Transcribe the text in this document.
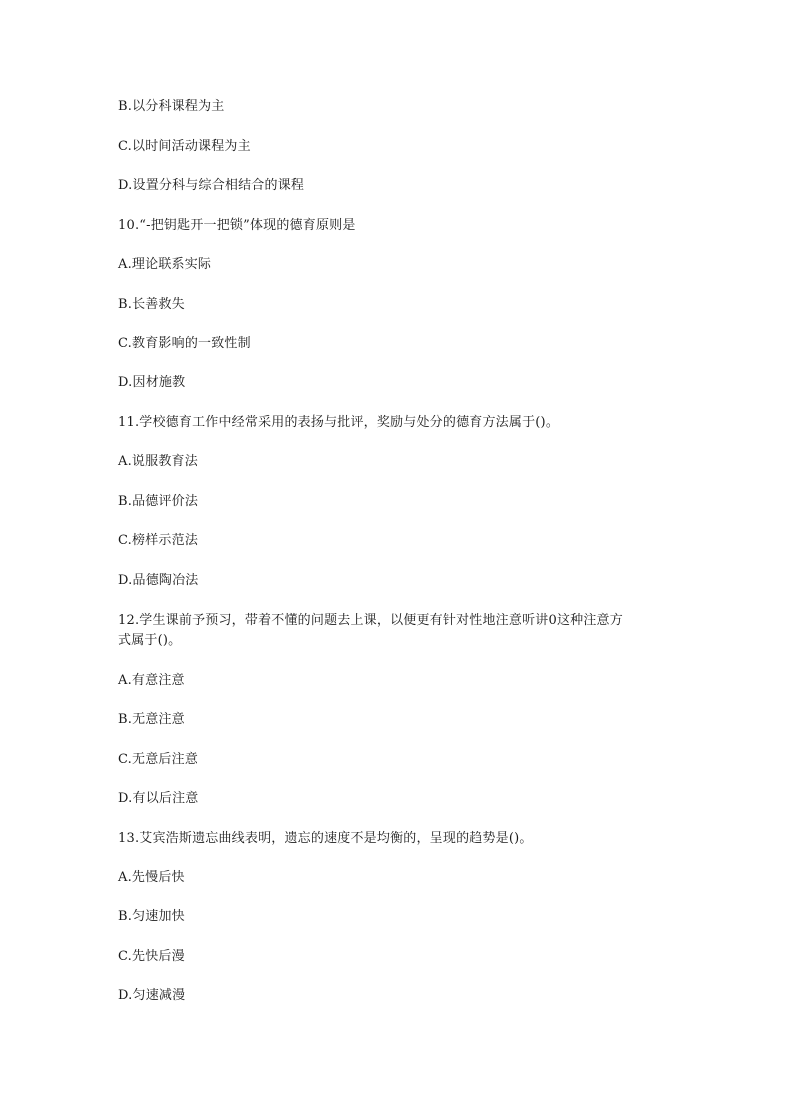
B.以分科课程为主
C.以时间活动课程为主
D.设置分科与综合相结合的课程
10.“-把钥匙开一把锁”体现的德育原则是
A.理论联系实际
B.长善救失
C.教育影响的一致性制
D.因材施教
11.学校德育工作中经常采用的表扬与批评，奖励与处分的德育方法属于()。
A.说服教育法
B.品德评价法
C.榜样示范法
D.品德陶冶法
12.学生课前予预习，带着不懂的问题去上课，以便更有针对性地注意听讲0这种注意方
式属于()。
A.有意注意
B.无意注意
C.无意后注意
D.有以后注意
13.艾宾浩斯遗忘曲线表明，遗忘的速度不是均衡的，呈现的趋势是()。
A.先慢后快
B.匀速加快
C.先快后漫
D.匀速减漫
